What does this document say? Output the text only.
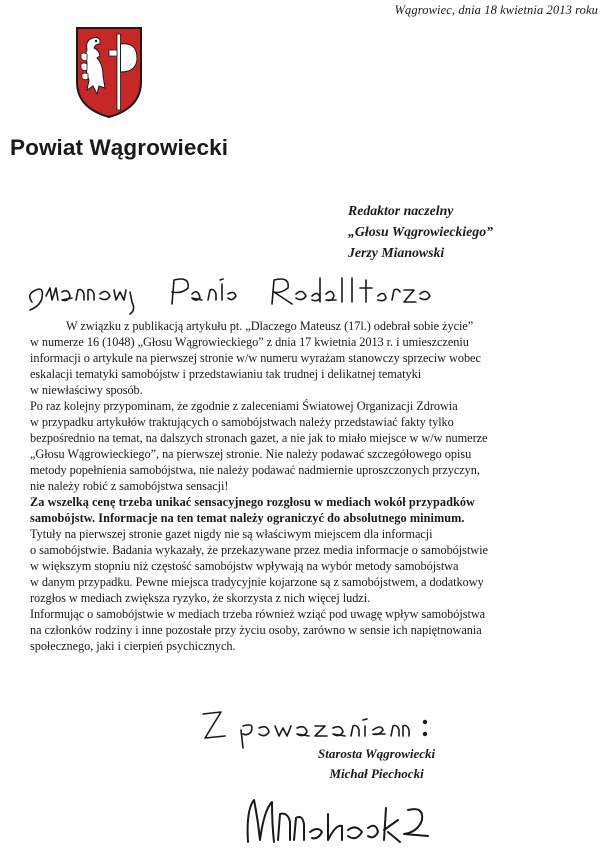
Wągrowiec, dnia 18 kwietnia 2013 roku
Powiat Wągrowiecki
Redaktor naczelny
„Głosu Wągrowieckiego”
Jerzy Mianowski
W związku z publikacją artykułu pt. „Dlaczego Mateusz (17l.) odebrał sobie życie”
w numerze 16 (1048) „Głosu Wągrowieckiego” z dnia 17 kwietnia 2013 r. i umieszczeniu
informacji o artykule na pierwszej stronie w/w numeru wyrażam stanowczy sprzeciw wobec
eskalacji tematyki samobójstw i przedstawianiu tak trudnej i delikatnej tematyki
w niewłaściwy sposób.
Po raz kolejny przypominam, że zgodnie z zaleceniami Światowej Organizacji Zdrowia
w przypadku artykułów traktujących o samobójstwach należy przedstawiać fakty tylko
bezpośrednio na temat, na dalszych stronach gazet, a nie jak to miało miejsce w w/w numerze
„Głosu Wągrowieckiego”, na pierwszej stronie. Nie należy podawać szczegółowego opisu
metody popełnienia samobójstwa, nie należy podawać nadmiernie uproszczonych przyczyn,
nie należy robić z samobójstwa sensacji!
Za wszelką cenę trzeba unikać sensacyjnego rozgłosu w mediach wokół przypadków
samobójstw. Informacje na ten temat należy ograniczyć do absolutnego minimum.
Tytuły na pierwszej stronie gazet nigdy nie są właściwym miejscem dla informacji
o samobójstwie. Badania wykazały, że przekazywane przez media informacje o samobójstwie
w większym stopniu niż częstość samobójstw wpływają na wybór metody samobójstwa
w danym przypadku. Pewne miejsca tradycyjnie kojarzone są z samobójstwem, a dodatkowy
rozgłos w mediach zwiększa ryzyko, że skorzysta z nich więcej ludzi.
Informując o samobójstwie w mediach trzeba również wziąć pod uwagę wpływ samobójstwa
na członków rodziny i inne pozostałe przy życiu osoby, zarówno w sensie ich napiętnowania
społecznego, jaki i cierpień psychicznych.
Starosta Wągrowiecki
Michał Piechocki
